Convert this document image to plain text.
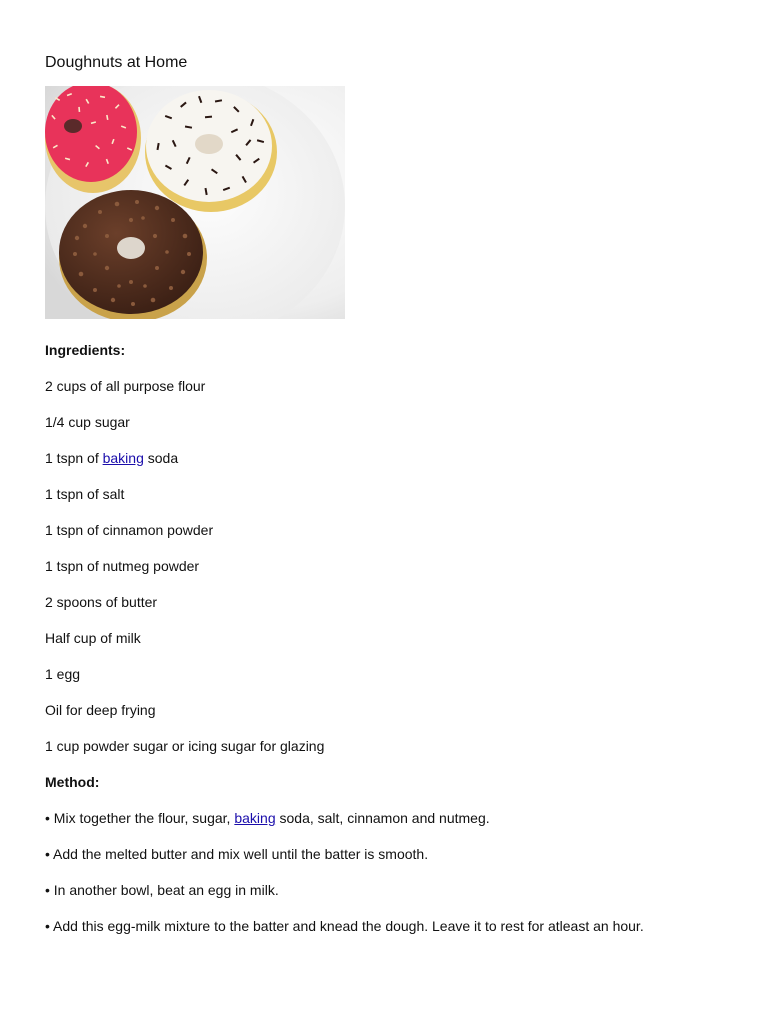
Doughnuts at Home

Ingredients:

2 cups of all purpose flour

1/4 cup sugar

1 tspn of baking soda

1 tspn of salt

1 tspn of cinnamon powder

1 tspn of nutmeg powder

2 spoons of butter

Half cup of milk

1 egg

Oil for deep frying

1 cup powder sugar or icing sugar for glazing

Method:

• Mix together the flour, sugar, baking soda, salt, cinnamon and nutmeg.

• Add the melted butter and mix well until the batter is smooth.

• In another bowl, beat an egg in milk.

• Add this egg-milk mixture to the batter and knead the dough. Leave it to rest for atleast an hour.
